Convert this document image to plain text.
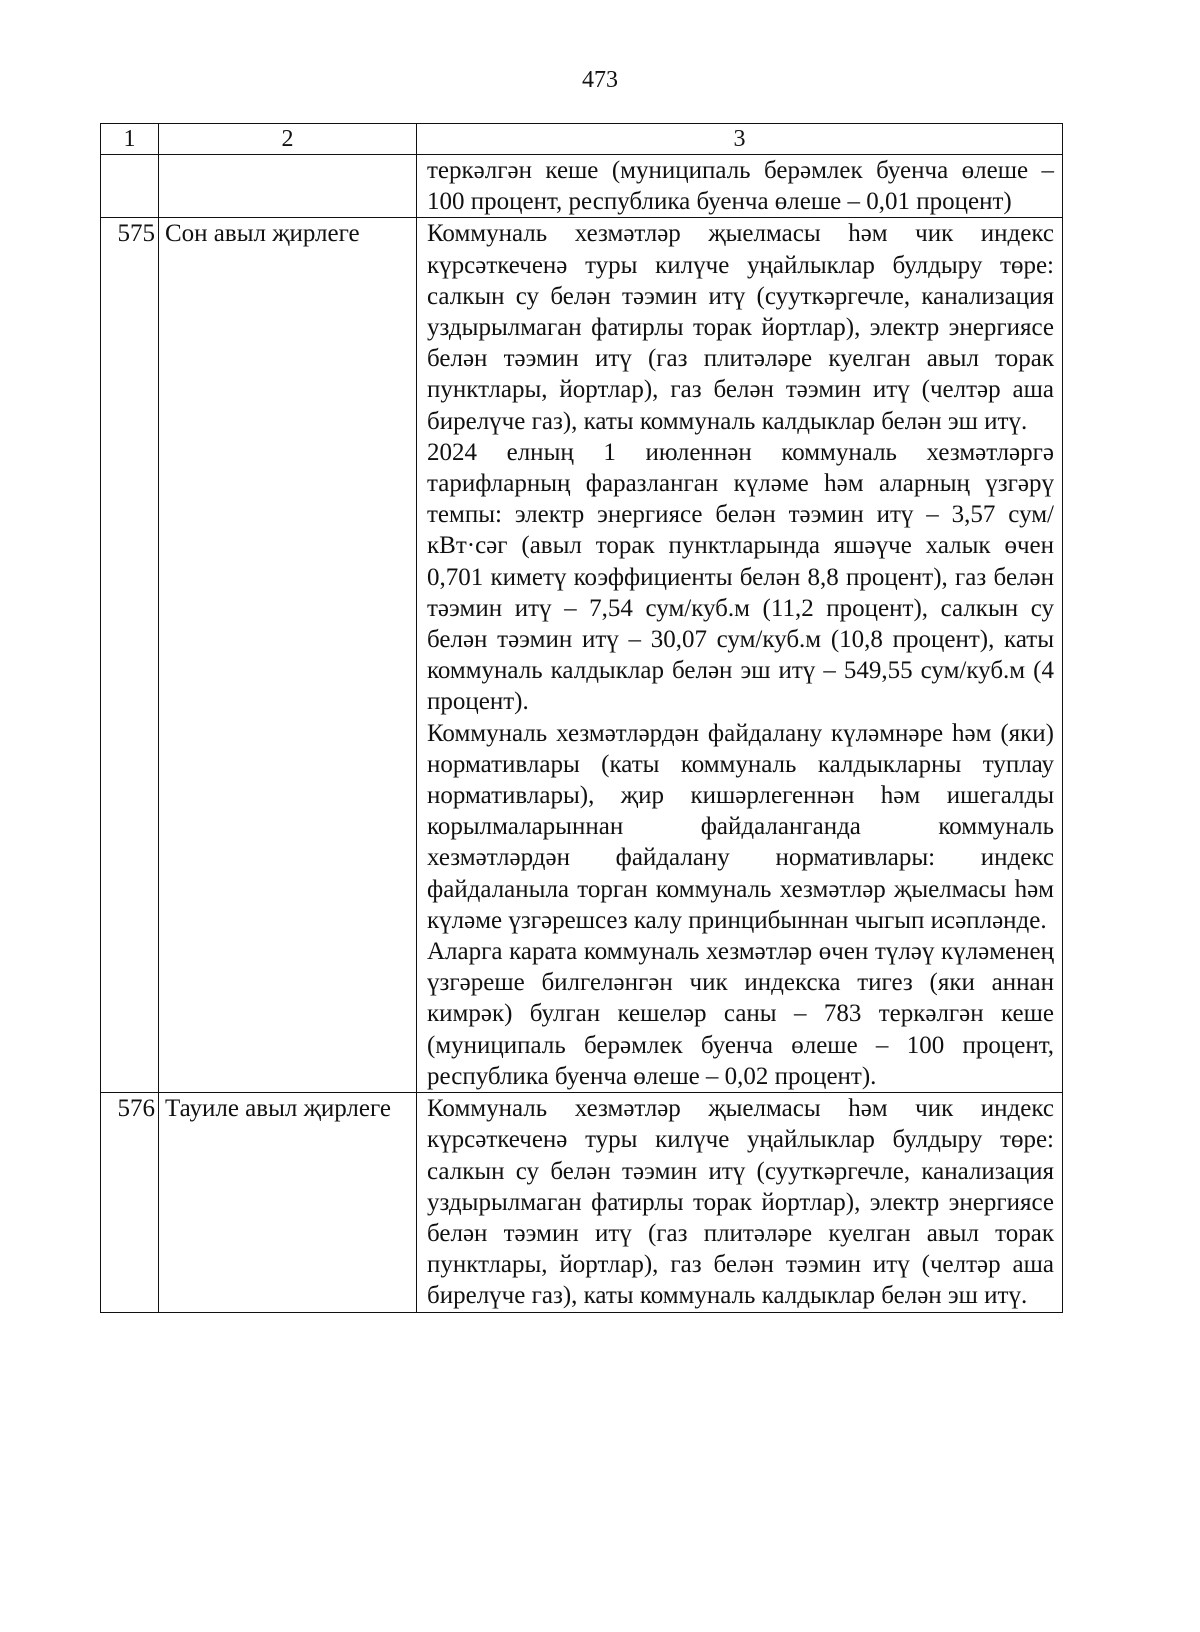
473
1	2	3

		теркәлгән кеше (муниципаль берәмлек буенча өлеше – 100 процент, республика буенча өлеше – 0,01 процент)

575	Сон авыл җирлеге	Коммуналь хезмәтләр җыелмасы һәм чик индекс күрсәткеченә туры килүче уңайлыклар булдыру төре: салкын су белән тәэмин итү (сууткәргечле, канализация уздырылмаган фатирлы торак йортлар), электр энергиясе белән тәэмин итү (газ плитәләре куелган авыл торак пунктлары, йортлар), газ белән тәэмин итү (челтәр аша бирелүче газ), каты коммуналь калдыклар белән эш итү.

2024 елның 1 июленнән коммуналь хезмәтләргә тарифларның фаразланган күләме һәм аларның үзгәрү темпы: электр энергиясе белән тәэмин итү – 3,57 сум/кВт·сәг (авыл торак пунктларында яшәүче халык өчен 0,701 киметү коэффициенты белән 8,8 процент), газ белән тәэмин итү – 7,54 сум/куб.м (11,2 процент), салкын су белән тәэмин итү – 30,07 сум/куб.м (10,8 процент), каты коммуналь калдыклар белән эш итү – 549,55 сум/куб.м (4 процент).

Коммуналь хезмәтләрдән файдалану күләмнәре һәм (яки) нормативлары (каты коммуналь калдыкларны туплау нормативлары), җир кишәрлегеннән һәм ишегалды корылмаларыннан файдаланганда коммуналь хезмәтләрдән файдалану нормативлары: индекс файдаланыла торган коммуналь хезмәтләр җыелмасы һәм күләме үзгәрешсез калу принцибыннан чыгып исәпләнде.

Аларга карата коммуналь хезмәтләр өчен түләү күләменең үзгәреше билгеләнгән чик индекска тигез (яки аннан кимрәк) булган кешеләр саны – 783 теркәлгән кеше (муниципаль берәмлек буенча өлеше – 100 процент, республика буенча өлеше – 0,02 процент).

576	Тауиле авыл җирлеге	Коммуналь хезмәтләр җыелмасы һәм чик индекс күрсәткеченә туры килүче уңайлыклар булдыру төре: салкын су белән тәэмин итү (сууткәргечле, канализация уздырылмаган фатирлы торак йортлар), электр энергиясе белән тәэмин итү (газ плитәләре куелган авыл торак пунктлары, йортлар), газ белән тәэмин итү (челтәр аша бирелүче газ), каты коммуналь калдыклар белән эш итү.
